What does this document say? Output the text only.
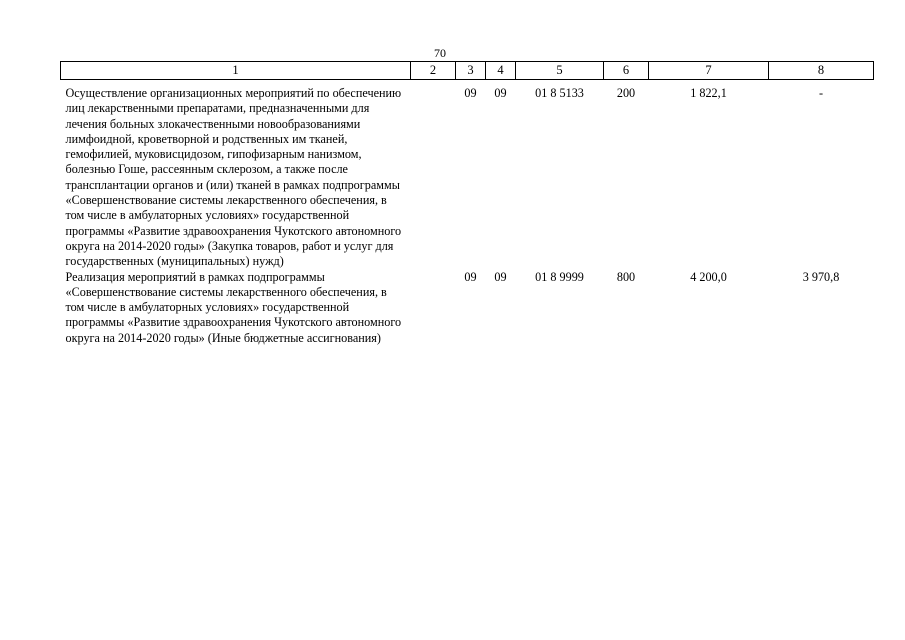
70
1	2	3	4	5	6	7	8
Осуществление организационных мероприятий по обеспечению лиц лекарственными препаратами, предназначенными для лечения больных злокачественными новообразованиями лимфоидной, кроветворной и родственных им тканей, гемофилией, муковисцидозом, гипофизарным нанизмом, болезнью Гоше, рассеянным склерозом, а также после трансплантации органов и (или) тканей в рамках подпрограммы «Совершенствование системы лекарственного обеспечения, в том числе в амбулаторных условиях» государственной программы «Развитие здравоохранения Чукотского автономного округа на 2014-2020 годы» (Закупка товаров, работ и услуг для государственных (муниципальных) нужд)		09	09	01 8 5133	200	1 822,1	-
Реализация мероприятий в рамках подпрограммы «Совершенствование системы лекарственного обеспечения, в том числе в амбулаторных условиях» государственной программы «Развитие здравоохранения Чукотского автономного округа на 2014-2020 годы» (Иные бюджетные ассигнования)		09	09	01 8 9999	800	4 200,0	3 970,8
